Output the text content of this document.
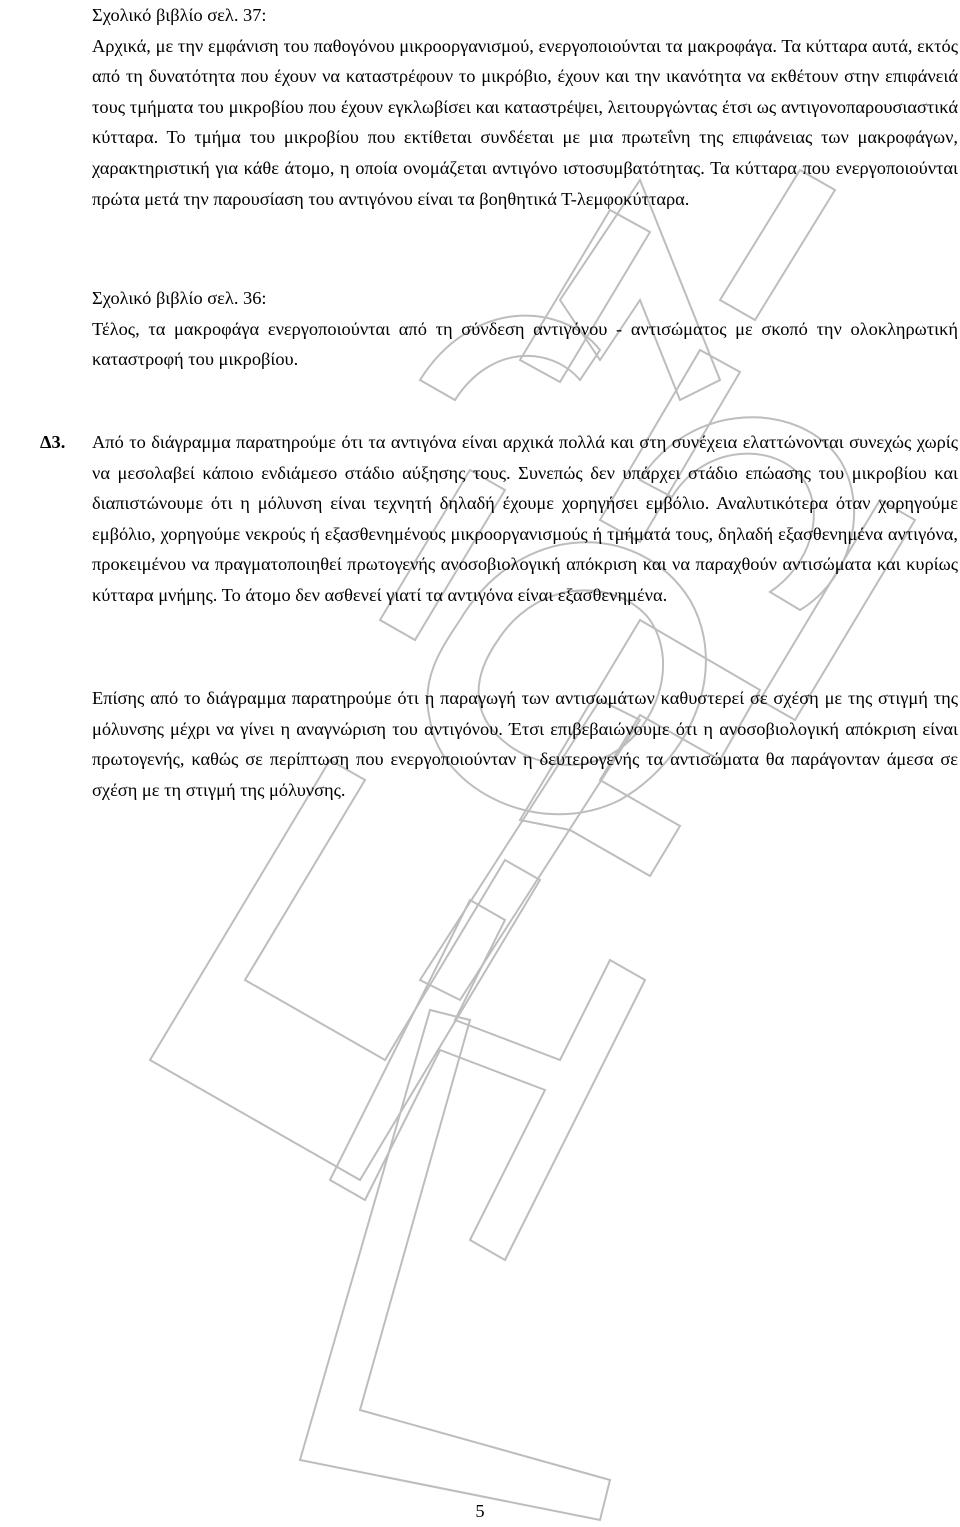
Σχολικό βιβλίο σελ. 37:

Αρχικά, με την εμφάνιση του παθογόνου μικροοργανισμού, ενεργοποιούνται τα μακροφάγα. Τα κύτταρα αυτά, εκτός από τη δυνατότητα που έχουν να καταστρέφουν το μικρόβιο, έχουν και την ικανότητα να εκθέτουν στην επιφάνειά τους τμήματα του μικροβίου που έχουν εγκλωβίσει και καταστρέψει, λειτουργώντας έτσι ως αντιγονοπαρουσιαστικά κύτταρα. Το τμήμα του μικροβίου που εκτίθεται συνδέεται με μια πρωτεΐνη της επιφάνειας των μακροφάγων, χαρακτηριστική για κάθε άτομο, η οποία ονομάζεται αντιγόνο ιστοσυμβατότητας. Τα κύτταρα που ενεργοποιούνται πρώτα μετά την παρουσίαση του αντιγόνου είναι τα βοηθητικά Τ-λεμφοκύτταρα.

Σχολικό βιβλίο σελ. 36:

Τέλος, τα μακροφάγα ενεργοποιούνται από τη σύνδεση αντιγόνου - αντισώματος με σκοπό την ολοκληρωτική καταστροφή του μικροβίου.

Δ3. Από το διάγραμμα παρατηρούμε ότι τα αντιγόνα είναι αρχικά πολλά και στη συνέχεια ελαττώνονται συνεχώς χωρίς να μεσολαβεί κάποιο ενδιάμεσο στάδιο αύξησης τους. Συνεπώς δεν υπάρχει στάδιο επώασης του μικροβίου και διαπιστώνουμε ότι η μόλυνση είναι τεχνητή δηλαδή έχουμε χορηγήσει εμβόλιο. Αναλυτικότερα όταν χορηγούμε εμβόλιο, χορηγούμε νεκρούς ή εξασθενημένους μικροοργανισμούς ή τμήματά τους, δηλαδή εξασθενημένα αντιγόνα, προκειμένου να πραγματοποιηθεί πρωτογενής ανοσοβιολογική απόκριση και να παραχθούν αντισώματα και κυρίως κύτταρα μνήμης. Το άτομο δεν ασθενεί γιατί τα αντιγόνα είναι εξασθενημένα.

Επίσης από το διάγραμμα παρατηρούμε ότι η παραγωγή των αντισωμάτων καθυστερεί σε σχέση με της στιγμή της μόλυνσης μέχρι να γίνει η αναγνώριση του αντιγόνου. Έτσι επιβεβαιώνουμε ότι η ανοσοβιολογική απόκριση είναι πρωτογενής, καθώς σε περίπτωση που ενεργοποιούνταν η δευτερογενής τα αντισώματα θα παράγονταν άμεσα σε σχέση με τη στιγμή της μόλυνσης.

5
